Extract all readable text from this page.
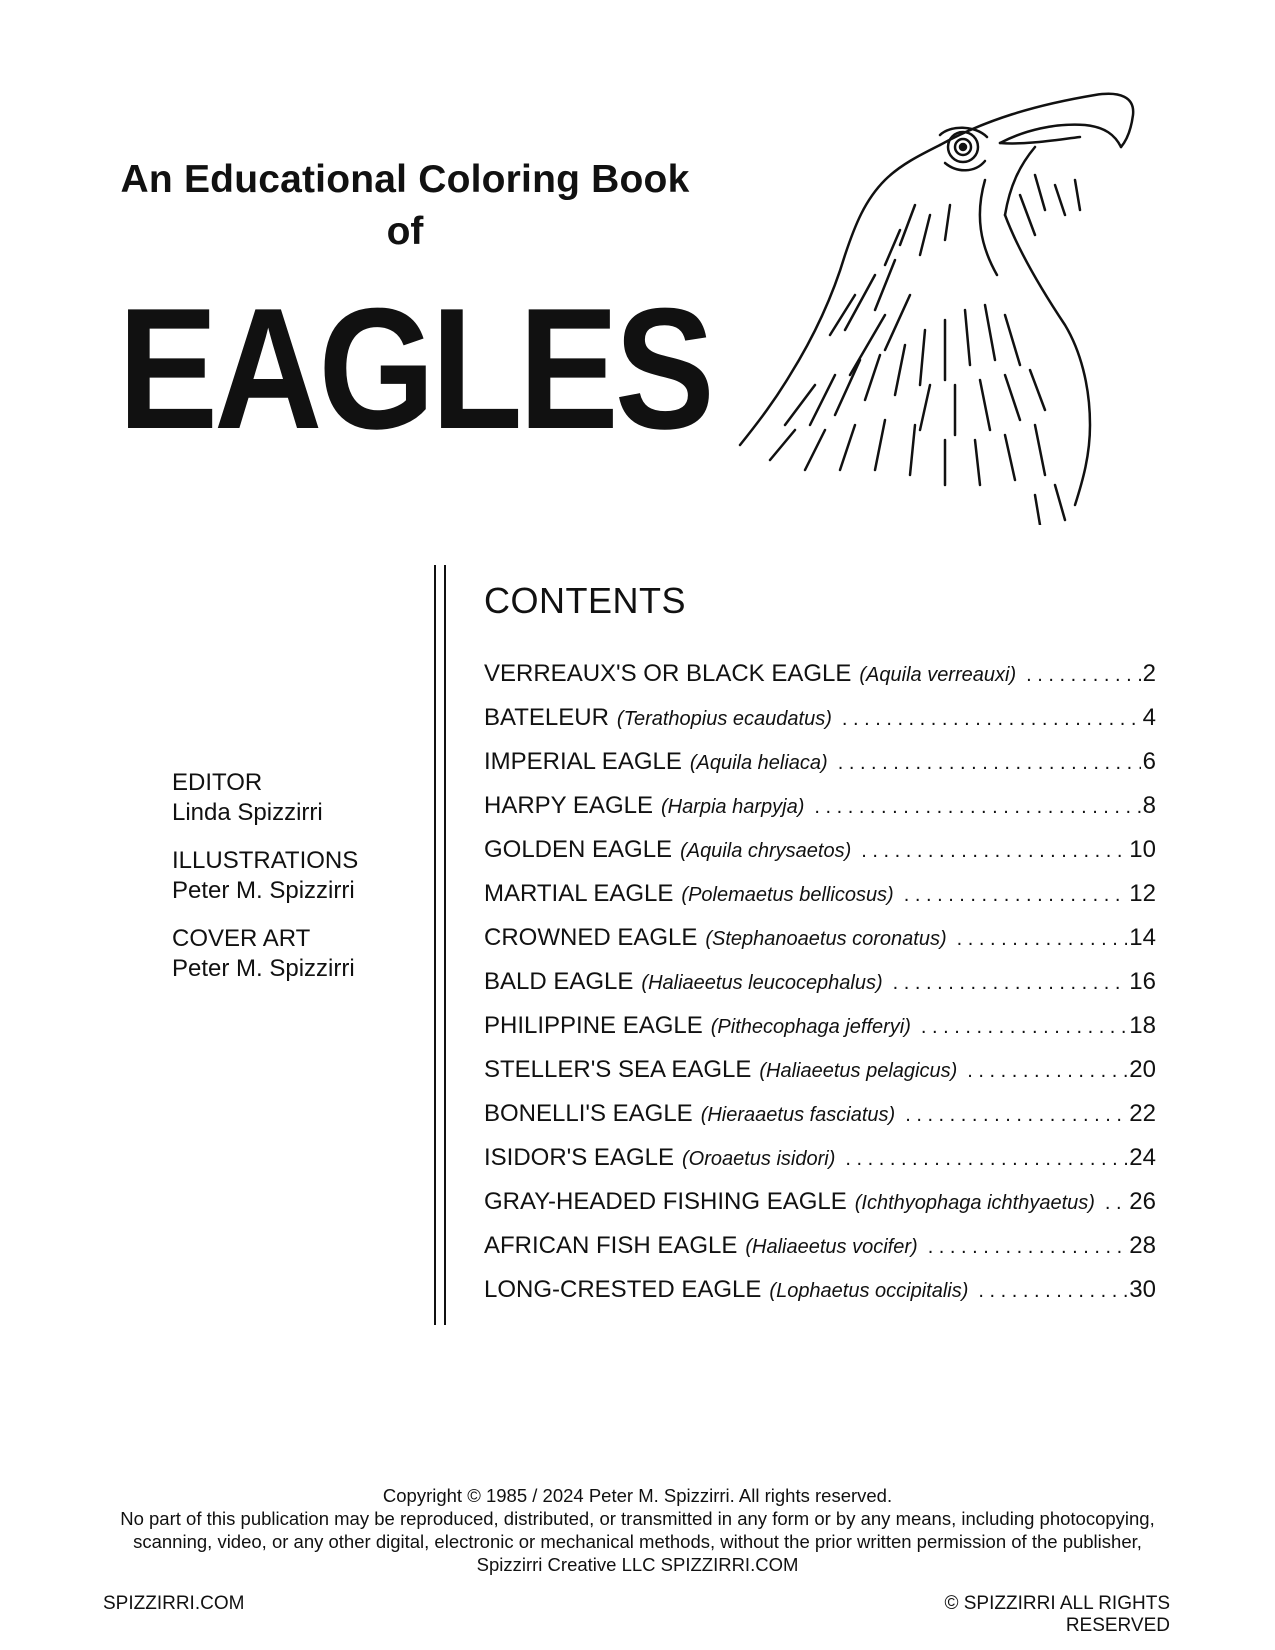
An Educational Coloring Book
of
EAGLES
EDITOR
Linda Spizzirri
ILLUSTRATIONS
Peter M. Spizzirri
COVER ART
Peter M. Spizzirri
CONTENTS
VERREAUX'S OR BLACK EAGLE (Aquila verreauxi) . . .	2
BATELEUR (Terathopius ecaudatus) . . .	4
IMPERIAL EAGLE (Aquila heliaca) . . .	6
HARPY EAGLE (Harpia harpyja) . . .	8
GOLDEN EAGLE (Aquila chrysaetos) . . .	10
MARTIAL EAGLE (Polemaetus bellicosus) . . .	12
CROWNED EAGLE (Stephanoaetus coronatus) . . .	14
BALD EAGLE (Haliaeetus leucocephalus) . . .	16
PHILIPPINE EAGLE (Pithecophaga jefferyi) . . .	18
STELLER'S SEA EAGLE (Haliaeetus pelagicus) . . .	20
BONELLI'S EAGLE (Hieraaetus fasciatus) . . .	22
ISIDOR'S EAGLE (Oroaetus isidori) . . .	24
GRAY-HEADED FISHING EAGLE (Ichthyophaga ichthyaetus) . . . 26
AFRICAN FISH EAGLE (Haliaeetus vocifer) . . .	28
LONG-CRESTED EAGLE (Lophaetus occipitalis) . . .	30
Copyright © 1985 / 2024 Peter M. Spizzirri. All rights reserved.
No part of this publication may be reproduced, distributed, or transmitted in any form or by any means, including photocopying,
scanning, video, or any other digital, electronic or mechanical methods, without the prior written permission of the publisher,
Spizzirri Creative LLC SPIZZIRRI.COM
SPIZZIRRI.COM	© SPIZZIRRI ALL RIGHTS RESERVED
